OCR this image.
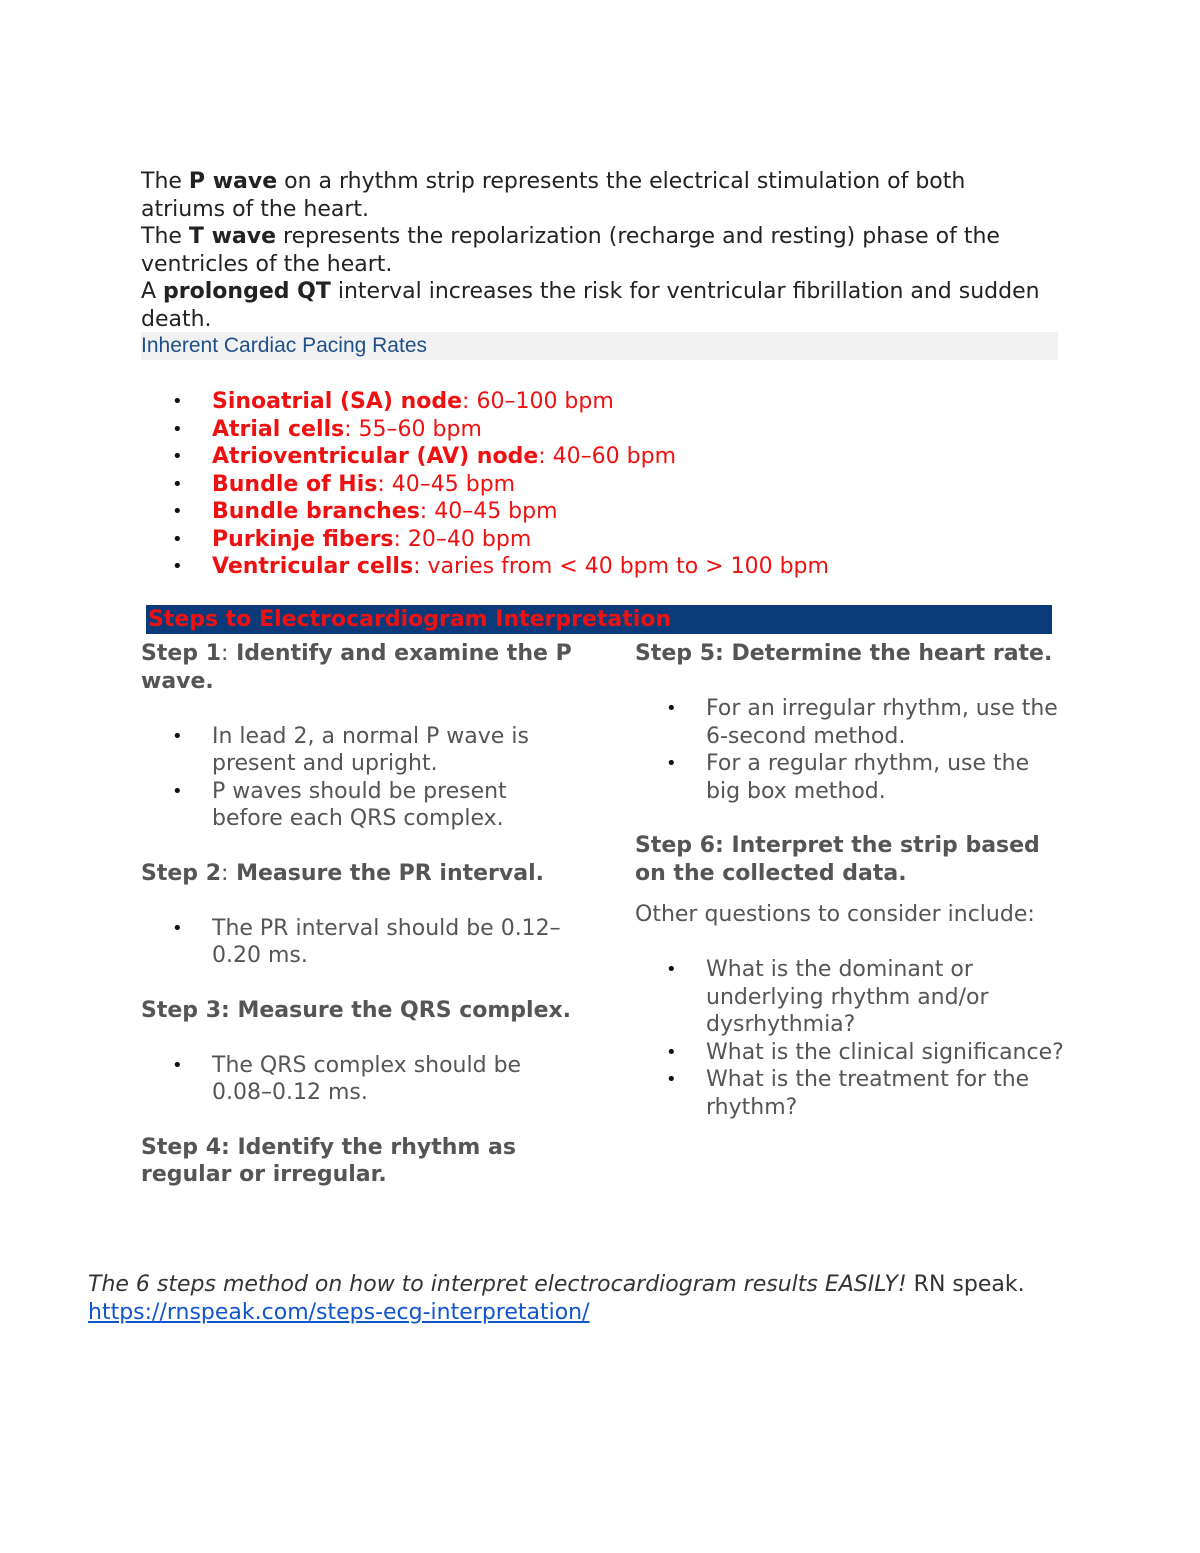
The P wave on a rhythm strip represents the electrical stimulation of both atriums of the heart.

The T wave represents the repolarization (recharge and resting) phase of the ventricles of the heart.

A prolonged QT interval increases the risk for ventricular fibrillation and sudden death.

Inherent Cardiac Pacing Rates
• Sinoatrial (SA) node: 60–100 bpm
• Atrial cells: 55–60 bpm
• Atrioventricular (AV) node: 40–60 bpm
• Bundle of His: 40–45 bpm
• Bundle branches: 40–45 bpm
• Purkinje fibers: 20–40 bpm
• Ventricular cells: varies from < 40 bpm to > 100 bpm
Steps to Electrocardiogram Interpretation

Step 1: Identify and examine the P wave.

• In lead 2, a normal P wave is present and upright.
• P waves should be present before each QRS complex.

Step 2: Measure the PR interval.

• The PR interval should be 0.12–0.20 ms.

Step 3: Measure the QRS complex.

• The QRS complex should be 0.08–0.12 ms.

Step 4: Identify the rhythm as regular or irregular.

Step 5: Determine the heart rate.

• For an irregular rhythm, use the 6-second method.
• For a regular rhythm, use the big box method.

Step 6: Interpret the strip based on the collected data.

Other questions to consider include:

• What is the dominant or underlying rhythm and/or dysrhythmia?
• What is the clinical significance?
• What is the treatment for the rhythm?
The 6 steps method on how to interpret electrocardiogram results EASILY! RN speak. https://rnspeak.com/steps-ecg-interpretation/
